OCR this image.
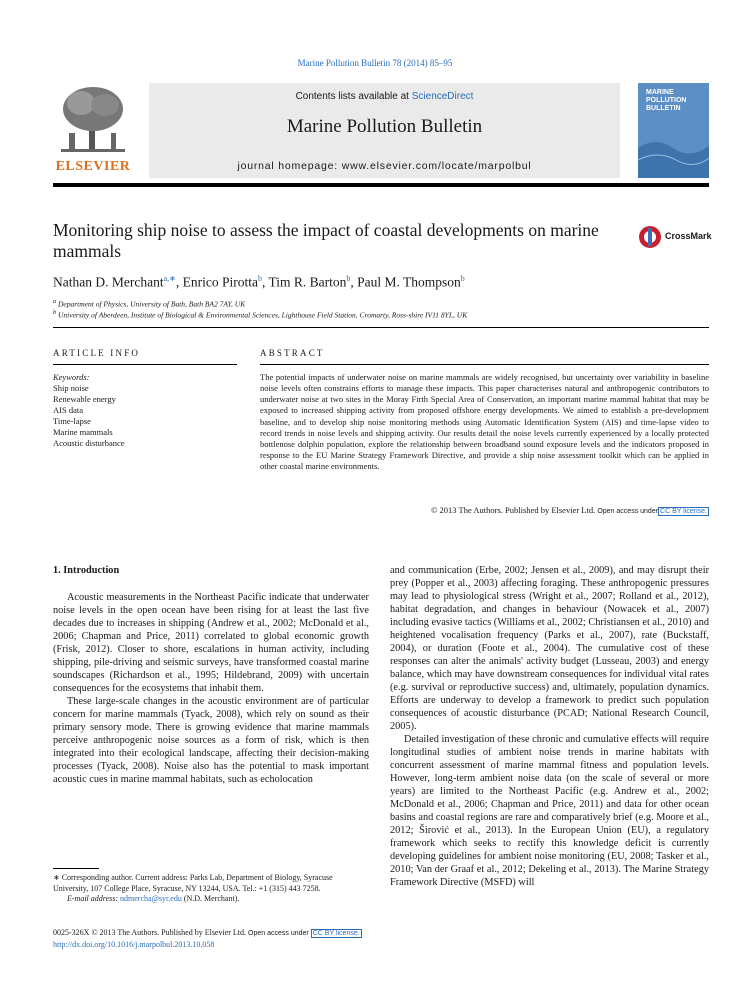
Marine Pollution Bulletin 78 (2014) 85–95
ELSEVIER
Contents lists available at ScienceDirect
Marine Pollution Bulletin
journal homepage: www.elsevier.com/locate/marpolbul
MARINE POLLUTION BULLETIN
Monitoring ship noise to assess the impact of coastal developments on marine mammals
CrossMark
Nathan D. Merchant$^{a,∗}$, Enrico Pirotta$^b$, Tim R. Barton$^b$, Paul M. Thompson$^b$
$^a$ Department of Physics, University of Bath, Bath BA2 7AY, UK
$^b$ University of Aberdeen, Institute of Biological & Environmental Sciences, Lighthouse Field Station, Cromarty, Ross-shire IV11 8YL, UK
ARTICLE INFO
Keywords:
Ship noise
Renewable energy
AIS data
Time-lapse
Marine mammals
Acoustic disturbance
ABSTRACT
The potential impacts of underwater noise on marine mammals are widely recognised, but uncertainty over variability in baseline noise levels often constrains efforts to manage these impacts. This paper characterises natural and anthropogenic contributors to underwater noise at two sites in the Moray Firth Special Area of Conservation, an important marine mammal habitat that may be exposed to increased shipping activity from proposed offshore energy developments. We aimed to establish a pre-development baseline, and to develop ship noise monitoring methods using Automatic Identification System (AIS) and time-lapse video to record trends in noise levels and shipping activity. Our results detail the noise levels currently experienced by a locally protected bottlenose dolphin population, explore the relationship between broadband sound exposure levels and the indicators proposed in response to the EU Marine Strategy Framework Directive, and provide a ship noise assessment toolkit which can be applied in other coastal marine environments.
© 2013 The Authors. Published by Elsevier Ltd. Open access under CC BY license.
1. Introduction

Acoustic measurements in the Northeast Pacific indicate that underwater noise levels in the open ocean have been rising for at least the last five decades due to increases in shipping (Andrew et al., 2002; McDonald et al., 2006; Chapman and Price, 2011) correlated to global economic growth (Frisk, 2012). Closer to shore, escalations in human activity, including shipping, pile-driving and seismic surveys, have transformed coastal marine soundscapes (Richardson et al., 1995; Hildebrand, 2009) with uncertain consequences for the ecosystems that inhabit them.

These large-scale changes in the acoustic environment are of particular concern for marine mammals (Tyack, 2008), which rely on sound as their primary sensory mode. There is growing evidence that marine mammals perceive anthropogenic noise sources as a form of risk, which is then integrated into their ecological landscape, affecting their decision-making processes (Tyack, 2008). Noise also has the potential to mask important acoustic cues in marine mammal habitats, such as echolocation

and communication (Erbe, 2002; Jensen et al., 2009), and may disrupt their prey (Popper et al., 2003) affecting foraging. These anthropogenic pressures may lead to physiological stress (Wright et al., 2007; Rolland et al., 2012), habitat degradation, and changes in behaviour (Nowacek et al., 2007) including evasive tactics (Williams et al., 2002; Christiansen et al., 2010) and heightened vocalisation frequency (Parks et al., 2007), rate (Buckstaff, 2004), or duration (Foote et al., 2004). The cumulative cost of these responses can alter the animals' activity budget (Lusseau, 2003) and energy balance, which may have downstream consequences for individual vital rates (e.g. survival or reproductive success) and, ultimately, population dynamics. Efforts are underway to develop a framework to predict such population consequences of acoustic disturbance (PCAD; National Research Council, 2005).

Detailed investigation of these chronic and cumulative effects will require longitudinal studies of ambient noise trends in marine habitats with concurrent assessment of marine mammal fitness and population levels. However, long-term ambient noise data (on the scale of several or more years) are limited to the Northeast Pacific (e.g. Andrew et al., 2002; McDonald et al., 2006; Chapman and Price, 2011) and data for other ocean basins and coastal regions are rare and comparatively brief (e.g. Moore et al., 2012; Širović et al., 2013). In the European Union (EU), a regulatory framework which seeks to rectify this knowledge deficit is currently developing guidelines for ambient noise monitoring (EU, 2008; Tasker et al., 2010; Van der Graaf et al., 2012; Dekeling et al., 2013). The Marine Strategy Framework Directive (MSFD) will

∗ Corresponding author. Current address: Parks Lab, Department of Biology, Syracuse University, 107 College Place, Syracuse, NY 13244, USA. Tel.: +1 (315) 443 7258.
E-mail address: ndmercha@syr.edu (N.D. Merchant).
0025-326X © 2013 The Authors. Published by Elsevier Ltd. Open access under CC BY license.
http://dx.doi.org/10.1016/j.marpolbul.2013.10.058
